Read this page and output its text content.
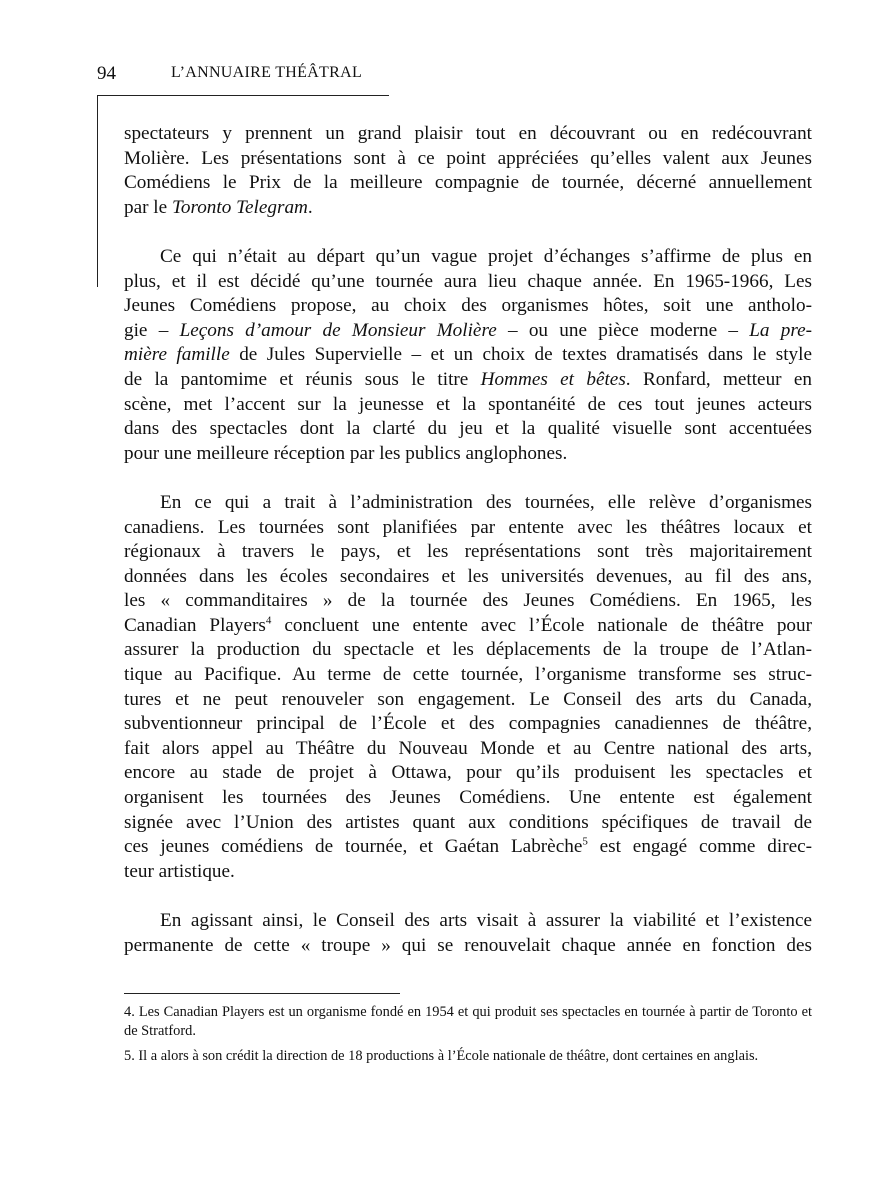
94	L’ANNUAIRE THÉÂTRAL

spectateurs y prennent un grand plaisir tout en découvrant ou en redécouvrant
Molière. Les présentations sont à ce point appréciées qu’elles valent aux Jeunes
Comédiens le Prix de la meilleure compagnie de tournée, décerné annuellement
par le Toronto Telegram.

Ce qui n’était au départ qu’un vague projet d’échanges s’affirme de plus en
plus, et il est décidé qu’une tournée aura lieu chaque année. En 1965-1966, Les
Jeunes Comédiens propose, au choix des organismes hôtes, soit une antholo-
gie – Leçons d’amour de Monsieur Molière – ou une pièce moderne – La pre-
mière famille de Jules Supervielle – et un choix de textes dramatisés dans le style
de la pantomime et réunis sous le titre Hommes et bêtes. Ronfard, metteur en
scène, met l’accent sur la jeunesse et la spontanéité de ces tout jeunes acteurs
dans des spectacles dont la clarté du jeu et la qualité visuelle sont accentuées
pour une meilleure réception par les publics anglophones.

En ce qui a trait à l’administration des tournées, elle relève d’organismes
canadiens. Les tournées sont planifiées par entente avec les théâtres locaux et
régionaux à travers le pays, et les représentations sont très majoritairement
données dans les écoles secondaires et les universités devenues, au fil des ans,
les « commanditaires » de la tournée des Jeunes Comédiens. En 1965, les
Canadian Players$^4$ concluent une entente avec l’École nationale de théâtre pour
assurer la production du spectacle et les déplacements de la troupe de l’Atlan-
tique au Pacifique. Au terme de cette tournée, l’organisme transforme ses struc-
tures et ne peut renouveler son engagement. Le Conseil des arts du Canada,
subventionneur principal de l’École et des compagnies canadiennes de théâtre,
fait alors appel au Théâtre du Nouveau Monde et au Centre national des arts,
encore au stade de projet à Ottawa, pour qu’ils produisent les spectacles et
organisent les tournées des Jeunes Comédiens. Une entente est également
signée avec l’Union des artistes quant aux conditions spécifiques de travail de
ces jeunes comédiens de tournée, et Gaétan Labrèche$^5$ est engagé comme direc-
teur artistique.

En agissant ainsi, le Conseil des arts visait à assurer la viabilité et l’existence
permanente de cette « troupe » qui se renouvelait chaque année en fonction des

4. Les Canadian Players est un organisme fondé en 1954 et qui produit ses spectacles en tournée à partir de Toronto et de Stratford.

5. Il a alors à son crédit la direction de 18 productions à l’École nationale de théâtre, dont certaines en anglais.
